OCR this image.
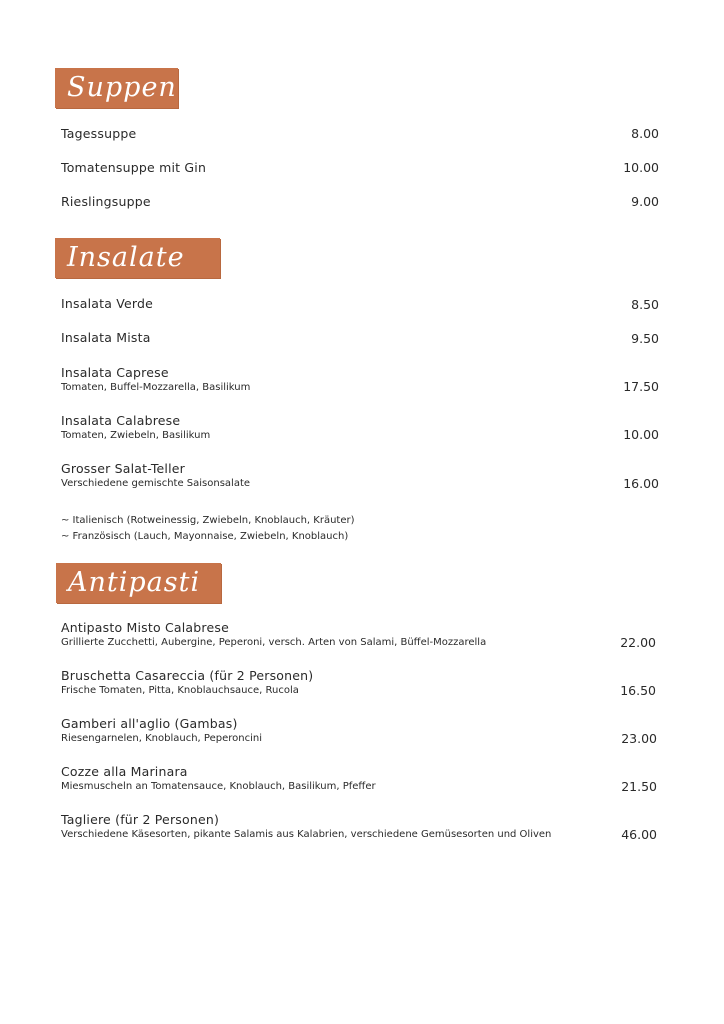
Suppen
Tagessuppe	8.00
Tomatensuppe mit Gin	10.00
Rieslingsuppe	9.00
Insalate
Insalata Verde	8.50
Insalata Mista	9.50
Insalata Caprese
Tomaten, Buffel-Mozzarella, Basilikum	17.50
Insalata Calabrese
Tomaten, Zwiebeln, Basilikum	10.00
Grosser Salat-Teller
Verschiedene gemischte Saisonsalate	16.00
~ Italienisch (Rotweinessig, Zwiebeln, Knoblauch, Kräuter)
~ Französisch (Lauch, Mayonnaise, Zwiebeln, Knoblauch)
Antipasti
Antipasto Misto Calabrese
Grillierte Zucchetti, Aubergine, Peperoni, versch. Arten von Salami, Büffel-Mozzarella	22.00
Bruschetta Casareccia (für 2 Personen)
Frische Tomaten, Pitta, Knoblauchsauce, Rucola	16.50
Gamberi all'aglio (Gambas)
Riesengarnelen, Knoblauch, Peperoncini	23.00
Cozze alla Marinara
Miesmuscheln an Tomatensauce, Knoblauch, Basilikum, Pfeffer	21.50
Tagliere (für 2 Personen)
Verschiedene Käsesorten, pikante Salamis aus Kalabrien, verschiedene Gemüsesorten und Oliven	46.00
